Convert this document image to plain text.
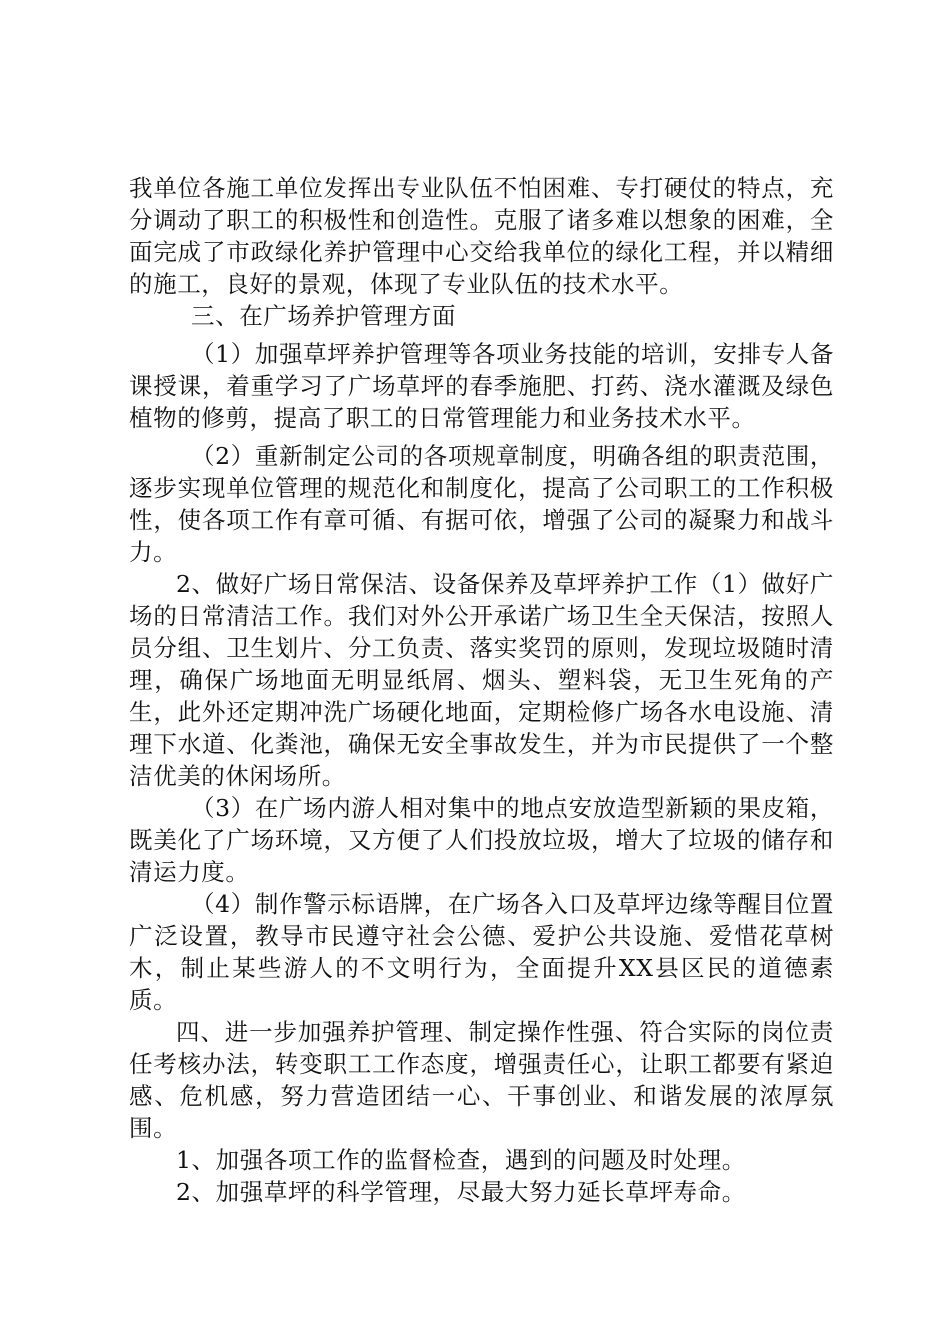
我单位各施工单位发挥出专业队伍不怕困难、专打硬仗的特点，充分调动了职工的积极性和创造性。克服了诸多难以想象的困难，全面完成了市政绿化养护管理中心交给我单位的绿化工程，并以精细的施工，良好的景观，体现了专业队伍的技术水平。

三、在广场养护管理方面

（1）加强草坪养护管理等各项业务技能的培训，安排专人备课授课，着重学习了广场草坪的春季施肥、打药、浇水灌溉及绿色植物的修剪，提高了职工的日常管理能力和业务技术水平。

（2）重新制定公司的各项规章制度，明确各组的职责范围，逐步实现单位管理的规范化和制度化，提高了公司职工的工作积极性，使各项工作有章可循、有据可依，增强了公司的凝聚力和战斗力。

2、做好广场日常保洁、设备保养及草坪养护工作（1）做好广场的日常清洁工作。我们对外公开承诺广场卫生全天保洁，按照人员分组、卫生划片、分工负责、落实奖罚的原则，发现垃圾随时清理，确保广场地面无明显纸屑、烟头、塑料袋，无卫生死角的产生，此外还定期冲洗广场硬化地面，定期检修广场各水电设施、清理下水道、化粪池，确保无安全事故发生，并为市民提供了一个整洁优美的休闲场所。

（3）在广场内游人相对集中的地点安放造型新颖的果皮箱，既美化了广场环境，又方便了人们投放垃圾，增大了垃圾的储存和清运力度。

（4）制作警示标语牌，在广场各入口及草坪边缘等醒目位置广泛设置，教导市民遵守社会公德、爱护公共设施、爱惜花草树木，制止某些游人的不文明行为，全面提升XX县区民的道德素质。

四、进一步加强养护管理、制定操作性强、符合实际的岗位责任考核办法，转变职工工作态度，增强责任心，让职工都要有紧迫感、危机感，努力营造团结一心、干事创业、和谐发展的浓厚氛围。

1、加强各项工作的监督检查，遇到的问题及时处理。

2、加强草坪的科学管理，尽最大努力延长草坪寿命。
